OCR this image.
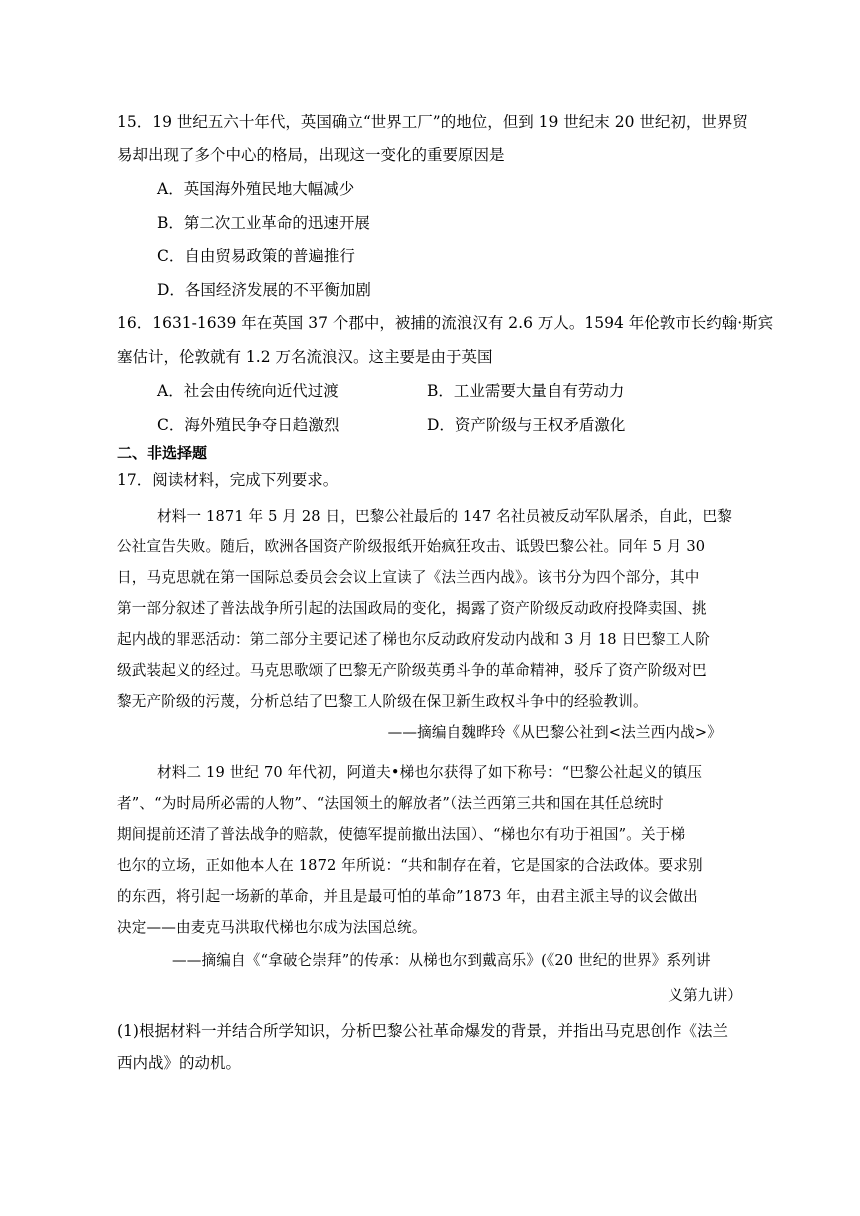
15．19 世纪五六十年代，英国确立“世界工厂”的地位，但到 19 世纪末 20 世纪初，世界贸
易却出现了多个中心的格局，出现这一变化的重要原因是
A．英国海外殖民地大幅减少
B．第二次工业革命的迅速开展
C．自由贸易政策的普遍推行
D．各国经济发展的不平衡加剧
16．1631-1639 年在英国 37 个郡中，被捕的流浪汉有 2.6 万人。1594 年伦敦市长约翰·斯宾
塞估计，伦敦就有 1.2 万名流浪汉。这主要是由于英国
A．社会由传统向近代过渡	B．工业需要大量自有劳动力
C．海外殖民争夺日趋激烈	D．资产阶级与王权矛盾激化
二、非选择题
17．阅读材料，完成下列要求。
材料一 1871 年 5 月 28 日，巴黎公社最后的 147 名社员被反动军队屠杀，自此，巴黎
公社宣告失败。随后，欧洲各国资产阶级报纸开始疯狂攻击、诋毁巴黎公社。同年 5 月 30
日，马克思就在第一国际总委员会会议上宣读了《法兰西内战》。该书分为四个部分，其中
第一部分叙述了普法战争所引起的法国政局的变化，揭露了资产阶级反动政府投降卖国、挑
起内战的罪恶活动：第二部分主要记述了梯也尔反动政府发动内战和 3 月 18 日巴黎工人阶
级武装起义的经过。马克思歌颂了巴黎无产阶级英勇斗争的革命精神，驳斥了资产阶级对巴
黎无产阶级的污蔑，分析总结了巴黎工人阶级在保卫新生政权斗争中的经验教训。
——摘编自魏晔玲《从巴黎公社到<法兰西内战>》
材料二 19 世纪 70 年代初，阿道夫•梯也尔获得了如下称号：“巴黎公社起义的镇压
者”、“为时局所必需的人物”、“法国领土的解放者”（法兰西第三共和国在其任总统时
期间提前还清了普法战争的赔款，使德军提前撤出法国）、“梯也尔有功于祖国”。关于梯
也尔的立场，正如他本人在 1872 年所说：“共和制存在着，它是国家的合法政体。要求别
的东西，将引起一场新的革命，并且是最可怕的革命”1873 年，由君主派主导的议会做出
决定——由麦克马洪取代梯也尔成为法国总统。
——摘编自《“拿破仑崇拜”的传承：从梯也尔到戴高乐》(《20 世纪的世界》系列讲
义第九讲）
(1)根据材料一并结合所学知识，分析巴黎公社革命爆发的背景，并指出马克思创作《法兰
西内战》的动机。
